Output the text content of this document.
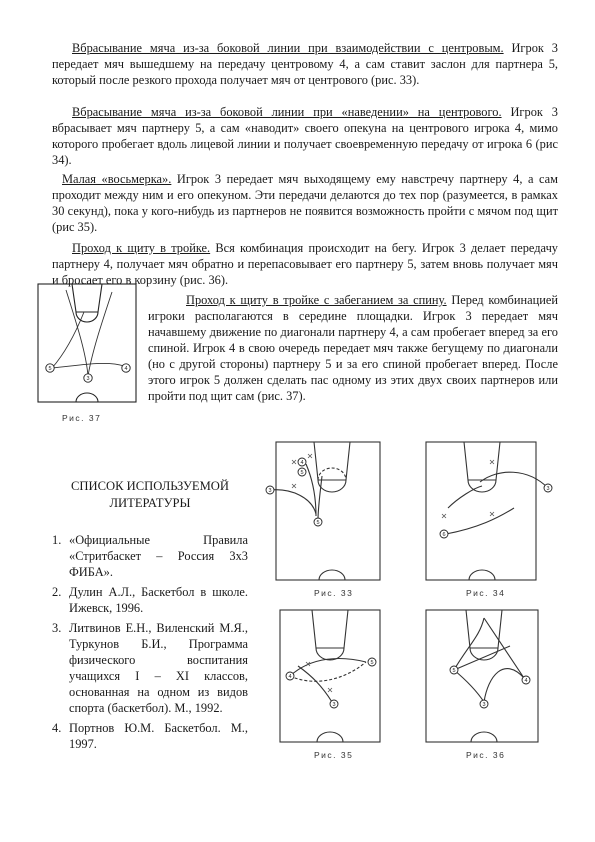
Вбрасывание мяча из-за боковой линии при взаимодействии с центровым. Игрок 3 передает мяч вышедшему на передачу центровому 4, а сам ставит заслон для партнера 5, который после резкого прохода получает мяч от центрового (рис. 33).

Вбрасывание мяча из-за боковой линии при «наведении» на центрового. Игрок 3 вбрасывает мяч партнеру 5, а сам «наводит» своего опекуна на центрового игрока 4, мимо которого пробегает вдоль лицевой линии и получает своевременную передачу от игрока 6 (рис 34).

Малая «восьмерка». Игрок 3 передает мяч выходящему ему навстречу партнеру 4, а сам проходит между ним и его опекуном. Эти передачи делаются до тех пор (разумеется, в рамках 30 секунд), пока у кого-нибудь из партнеров не появится возможность пройти с мячом под щит (рис 35).

Проход к щиту в тройке. Вся комбинация происходит на бегу. Игрок 3 делает передачу партнеру 4, получает мяч обратно и перепасовывает его партнеру 5, затем вновь получает мяч и бросает его в корзину (рис. 36).

Проход к щиту в тройке с забеганием за спину. Перед комбинацией игроки располагаются в середине площадки. Игрок 3 передает мяч начавшему движение по диагонали партнеру 4, а сам пробегает вперед за его спиной. Игрок 4 в свою очередь передает мяч также бегущему по диагонали (но с другой стороны) партнеру 5 и за его спиной пробегает вперед. После этого игрок 5 должен сделать пас одному из этих двух своих партнеров или пройти под щит сам (рис. 37).

5	4
3
Рис. 37
3
4
5
5
3
6
Рис. 33	Рис. 34
4
5
3
5
4
3
Рис. 35	Рис. 36
СПИСОК ИСПОЛЬЗУЕМОЙ ЛИТЕРАТУРЫ
1. «Официальные Правила «Стритбаскет – Россия 3х3 ФИБА».
2. Дулин А.Л., Баскетбол в школе. Ижевск, 1996.
3. Литвинов Е.Н., Виленский М.Я., Туркунов Б.И., Программа физического воспитания учащихся I – XI классов, основанная на одном из видов спорта (баскетбол). М., 1992.
4. Портнов Ю.М. Баскетбол. М., 1997.
